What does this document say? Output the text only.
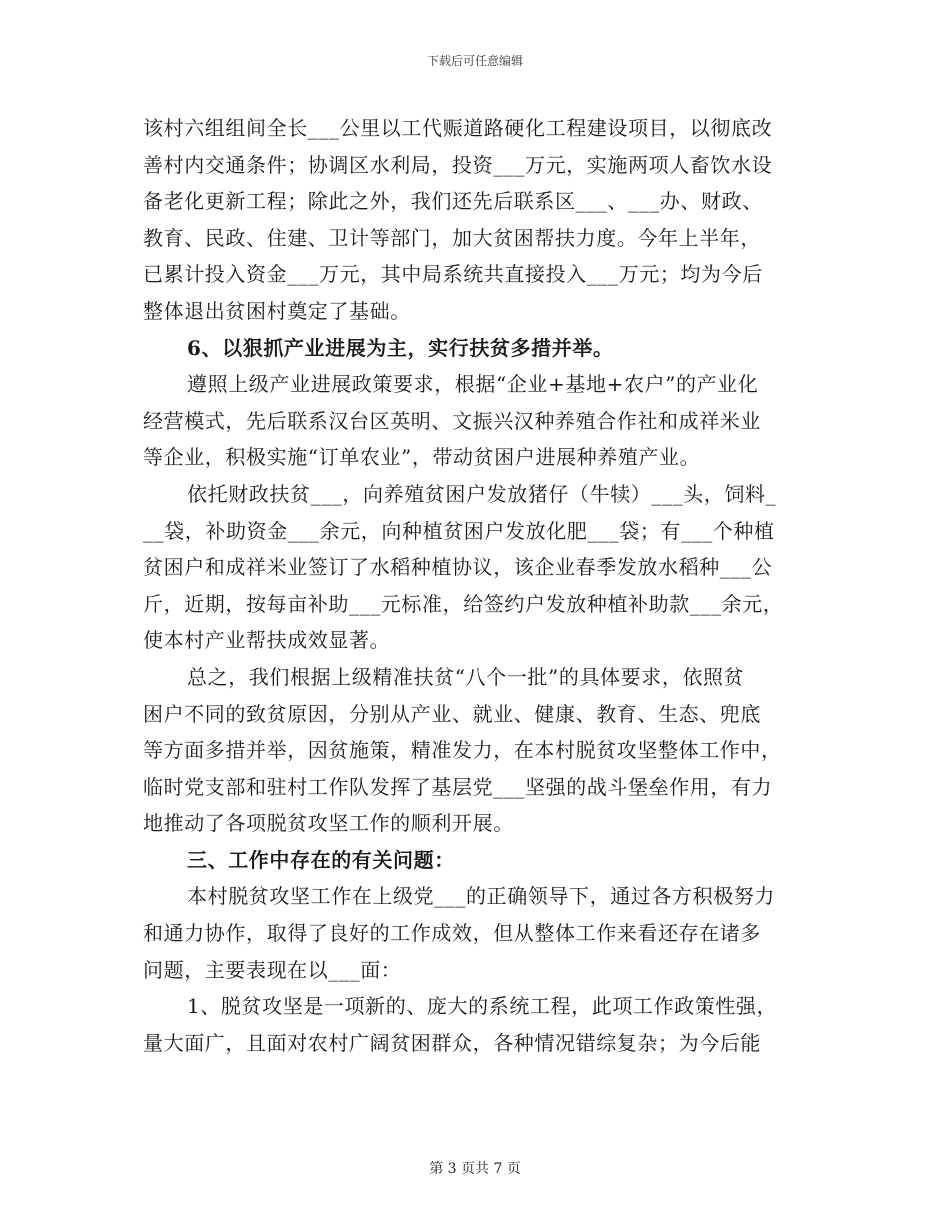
下载后可任意编辑
该村六组组间全长___公里以工代赈道路硬化工程建设项目，以彻底改
善村内交通条件；协调区水利局，投资___万元，实施两项人畜饮水设
备老化更新工程；除此之外，我们还先后联系区___、___办、财政、
教育、民政、住建、卫计等部门，加大贫困帮扶力度。今年上半年，
已累计投入资金___万元，其中局系统共直接投入___万元；均为今后
整体退出贫困村奠定了基础。
6、以狠抓产业进展为主，实行扶贫多措并举。
遵照上级产业进展政策要求，根据“企业+基地+农户”的产业化
经营模式，先后联系汉台区英明、文振兴汉种养殖合作社和成祥米业
等企业，积极实施“订单农业”，带动贫困户进展种养殖产业。
依托财政扶贫___，向养殖贫困户发放猪仔（牛犊）___头，饲料_
__袋，补助资金___余元，向种植贫困户发放化肥___袋；有___个种植
贫困户和成祥米业签订了水稻种植协议，该企业春季发放水稻种___公
斤，近期，按每亩补助___元标准，给签约户发放种植补助款___余元，
使本村产业帮扶成效显著。
总之，我们根据上级精准扶贫“八个一批”的具体要求，依照贫
困户不同的致贫原因，分别从产业、就业、健康、教育、生态、兜底
等方面多措并举，因贫施策，精准发力，在本村脱贫攻坚整体工作中，
临时党支部和驻村工作队发挥了基层党___坚强的战斗堡垒作用，有力
地推动了各项脱贫攻坚工作的顺利开展。
三、工作中存在的有关问题：
本村脱贫攻坚工作在上级党___的正确领导下，通过各方积极努力
和通力协作，取得了良好的工作成效，但从整体工作来看还存在诸多
问题，主要表现在以___面：
1、脱贫攻坚是一项新的、庞大的系统工程，此项工作政策性强，
量大面广，且面对农村广阔贫困群众，各种情况错综复杂；为今后能
第 3 页共 7 页
